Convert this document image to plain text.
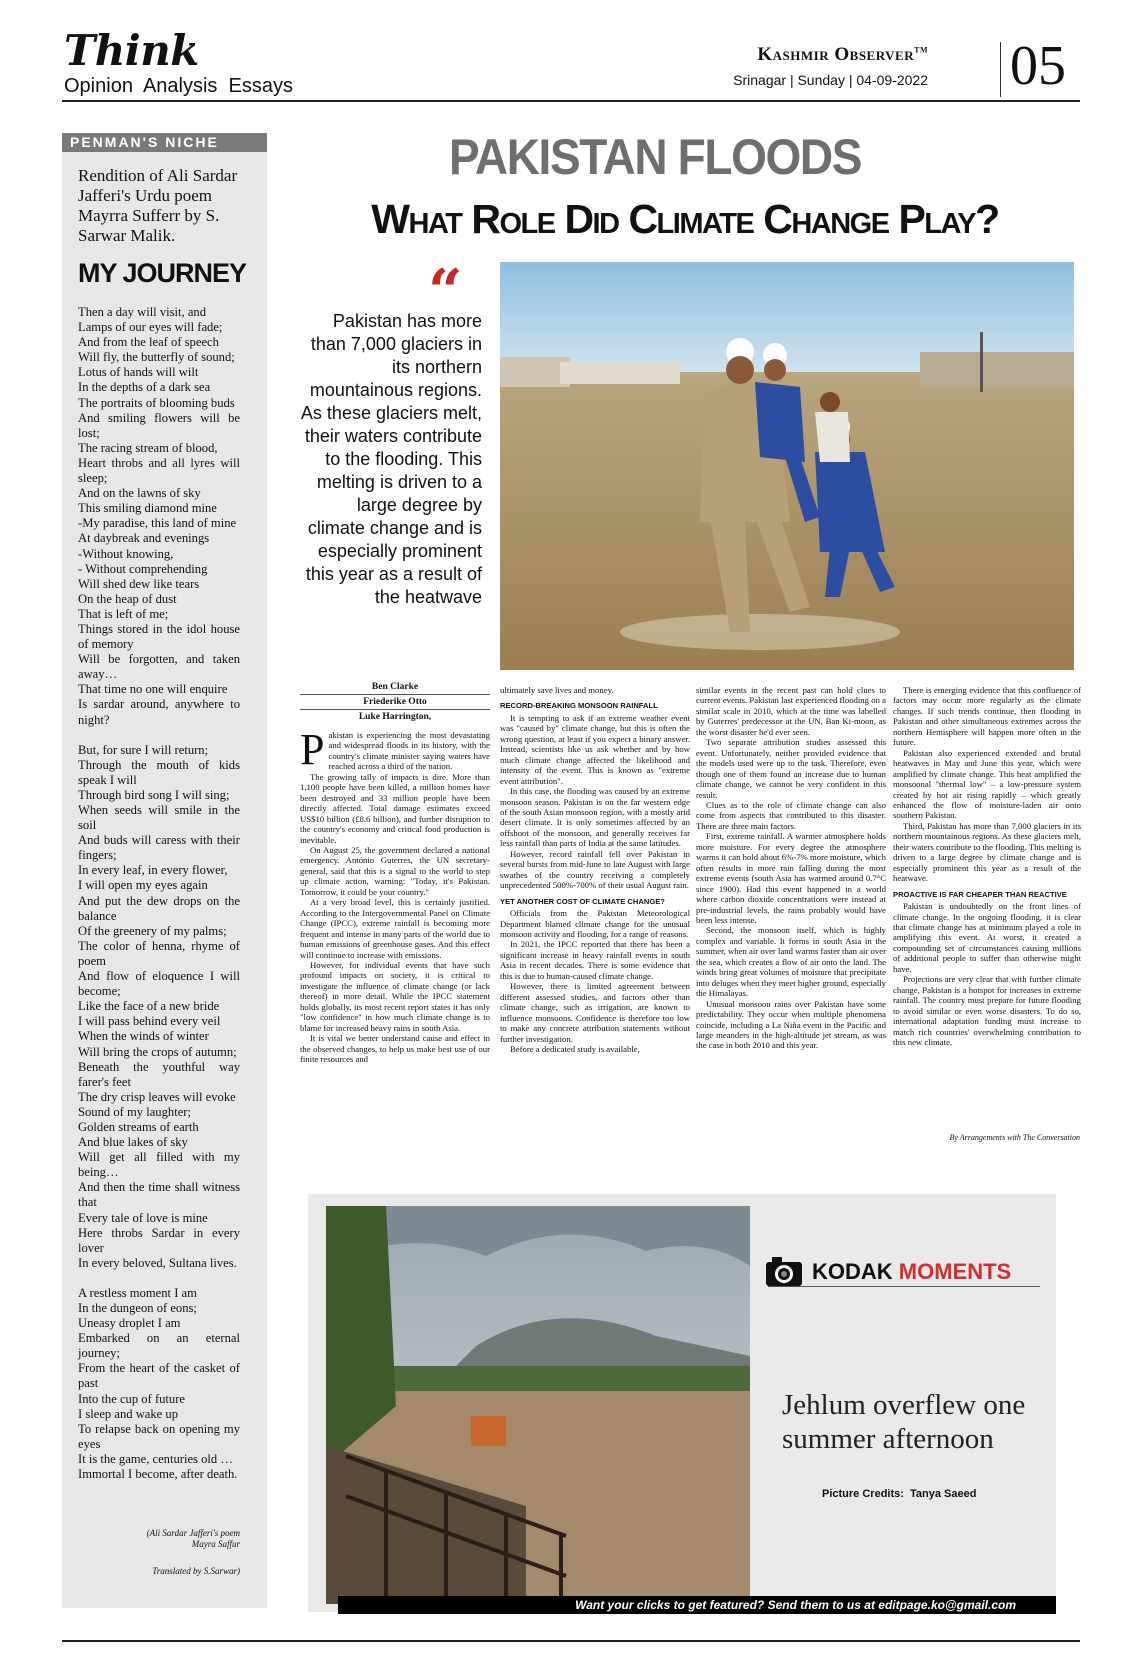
Think
Opinion  Analysis  Essays
Kashmir Observer™
Srinagar | Sunday | 04-09-2022 05
PENMAN'S NICHE
Rendition of Ali Sardar Jafferi's Urdu poem Mayrra Sufferr by S. Sarwar Malik.
MY JOURNEY
Then a day will visit, and
Lamps of our eyes will fade;
And from the leaf of speech
Will fly, the butterfly of sound;
Lotus of hands will wilt
In the depths of a dark sea
The portraits of blooming buds
And smiling flowers will be lost;
The racing stream of blood,
Heart throbs and all lyres will sleep;
And on the lawns of sky
This smiling diamond mine
-My paradise, this land of mine
At daybreak and evenings
-Without knowing,
- Without comprehending
Will shed dew like tears
On the heap of dust
That is left of me;
Things stored in the idol house of memory
Will be forgotten, and taken away…
That time no one will enquire
Is sardar around, anywhere to night?
But, for sure I will return;
Through the mouth of kids speak I will
Through bird song I will sing;
When seeds will smile in the soil
And buds will caress with their fingers;
In every leaf, in every flower,
I will open my eyes again
And put the dew drops on the balance
Of the greenery of my palms;
The color of henna, rhyme of poem
And flow of eloquence I will become;
Like the face of a new bride
I will pass behind every veil
When the winds of winter
Will bring the crops of autumn;
Beneath the youthful way farer's feet
The dry crisp leaves will evoke
Sound of my laughter;
Golden streams of earth
And blue lakes of sky
Will get all filled with my being…
And then the time shall witness that
Every tale of love is mine
Here throbs Sardar in every lover
In every beloved, Sultana lives.
A restless moment I am
In the dungeon of eons;
Uneasy droplet I am
Embarked on an eternal journey;
From the heart of the casket of past
Into the cup of future
I sleep and wake up
To relapse back on opening my eyes
It is the game, centuries old …
Immortal I become, after death.
(Ali Sardar Jafferi's poem Mayra Saffur
Translated by S.Sarwar)
PAKISTAN FLOODS
What Role Did Climate Change Play?
“
Pakistan has more than 7,000 glaciers in its northern mountainous regions. As these glaciers melt, their waters contribute to the flooding. This melting is driven to a large degree by climate change and is especially prominent this year as a result of the heatwave
Ben Clarke
Friederike Otto
Luke Harrington,
P akistan is experiencing the most devastating and widespread floods in its history, with the country's climate minister saying waters have reached across a third of the nation.

The growing tally of impacts is dire. More than 1,100 people have been killed, a million homes have been destroyed and 33 million people have been directly affected. Total damage estimates exceed US$10 billion (£8.6 billion), and further disruption to the country's economy and critical food production is inevitable.

On August 25, the government declared a national emergency. António Guterres, the UN secretary-general, said that this is a signal to the world to step up climate action, warning: "Today, it's Pakistan. Tomorrow, it could be your country."

At a very broad level, this is certainly justified. According to the Intergovernmental Panel on Climate Change (IPCC), extreme rainfall is becoming more frequent and intense in many parts of the world due to human emissions of greenhouse gases. And this effect will continue to increase with emissions.

However, for individual events that have such profound impacts on society, it is critical to investigate the influence of climate change (or lack thereof) in more detail. While the IPCC statement holds globally, its most recent report states it has only "low confidence" in how much climate change is to blame for increased heavy rains in south Asia.

It is vital we better understand cause and effect in the observed changes, to help us make best use of our finite resources and

ultimately save lives and money.

RECORD-BREAKING MONSOON RAINFALL

It is tempting to ask if an extreme weather event was "caused by" climate change, but this is often the wrong question, at least if you expect a binary answer. Instead, scientists like us ask whether and by how much climate change affected the likelihood and intensity of the event. This is known as "extreme event attribution".

In this case, the flooding was caused by an extreme monsoon season. Pakistan is on the far western edge of the south Asian monsoon region, with a mostly arid desert climate. It is only sometimes affected by an offshoot of the monsoon, and generally receives far less rainfall than parts of India at the same latitudes.

However, record rainfall fell over Pakistan in several bursts from mid-June to late August with large swathes of the country receiving a completely unprecedented 500%-700% of their usual August rain.

YET ANOTHER COST OF CLIMATE CHANGE?

Officials from the Pakistan Meteorological Department blamed climate change for the unusual monsoon activity and flooding, for a range of reasons.

In 2021, the IPCC reported that there has been a significant increase in heavy rainfall events in south Asia in recent decades. There is some evidence that this is due to human-caused climate change.

However, there is limited agreement between different assessed studies, and factors other than climate change, such as irrigation, are known to influence monsoons. Confidence is therefore too low to make any concrete attribution statements without further investigation.

Before a dedicated study is available,

similar events in the recent past can hold clues to current events. Pakistan last experienced flooding on a similar scale in 2010, which at the time was labelled by Guterres' predecessor at the UN, Ban Ki-moon, as the worst disaster he'd ever seen.

Two separate attribution studies assessed this event. Unfortunately, neither provided evidence that the models used were up to the task. Therefore, even though one of them found an increase due to human climate change, we cannot be very confident in this result.

Clues as to the role of climate change can also come from aspects that contributed to this disaster. There are three main factors.

First, extreme rainfall. A warmer atmosphere holds more moisture. For every degree the atmosphere warms it can hold about 6%-7% more moisture, which often results in more rain falling during the most extreme events (south Asia has warmed around 0.7°C since 1900). Had this event happened in a world where carbon dioxide concentrations were instead at pre-industrial levels, the rains probably would have been less intense.

Second, the monsoon itself, which is highly complex and variable. It forms in south Asia in the summer, when air over land warms faster than air over the sea, which creates a flow of air onto the land. The winds bring great volumes of moisture that precipitate into deluges when they meet higher ground, especially the Himalayas.

Unusual monsoon rains over Pakistan have some predictability. They occur when multiple phenomena coincide, including a La Niña event in the Pacific and large meanders in the high-altitude jet stream, as was the case in both 2010 and this year.

There is emerging evidence that this confluence of factors may occur more regularly as the climate changes. If such trends continue, then flooding in Pakistan and other simultaneous extremes across the northern Hemisphere will happen more often in the future.

Pakistan also experienced extended and brutal heatwaves in May and June this year, which were amplified by climate change. This heat amplified the monsoonal "thermal low" – a low-pressure system created by hot air rising rapidly – which greatly enhanced the flow of moisture-laden air onto southern Pakistan.

Third, Pakistan has more than 7,000 glaciers in its northern mountainous regions. As these glaciers melt, their waters contribute to the flooding. This melting is driven to a large degree by climate change and is especially prominent this year as a result of the heatwave.

PROACTIVE IS FAR CHEAPER THAN REACTIVE

Pakistan is undoubtedly on the front lines of climate change. In the ongoing flooding, it is clear that climate change has at minimum played a role in amplifying this event. At worst, it created a compounding set of circumstances causing millions of additional people to suffer than otherwise might have.

Projections are very clear that with further climate change, Pakistan is a hotspot for increases in extreme rainfall. The country must prepare for future flooding to avoid similar or even worse disasters. To do so, international adaptation funding must increase to match rich countries' overwhelming contribution to this new climate.

By Arrangements with The Conversation
KODAK MOMENTS
Jehlum overflew one summer afternoon
Picture Credits:  Tanya Saeed
Want your clicks to get featured? Send them to us at editpage.ko@gmail.com
